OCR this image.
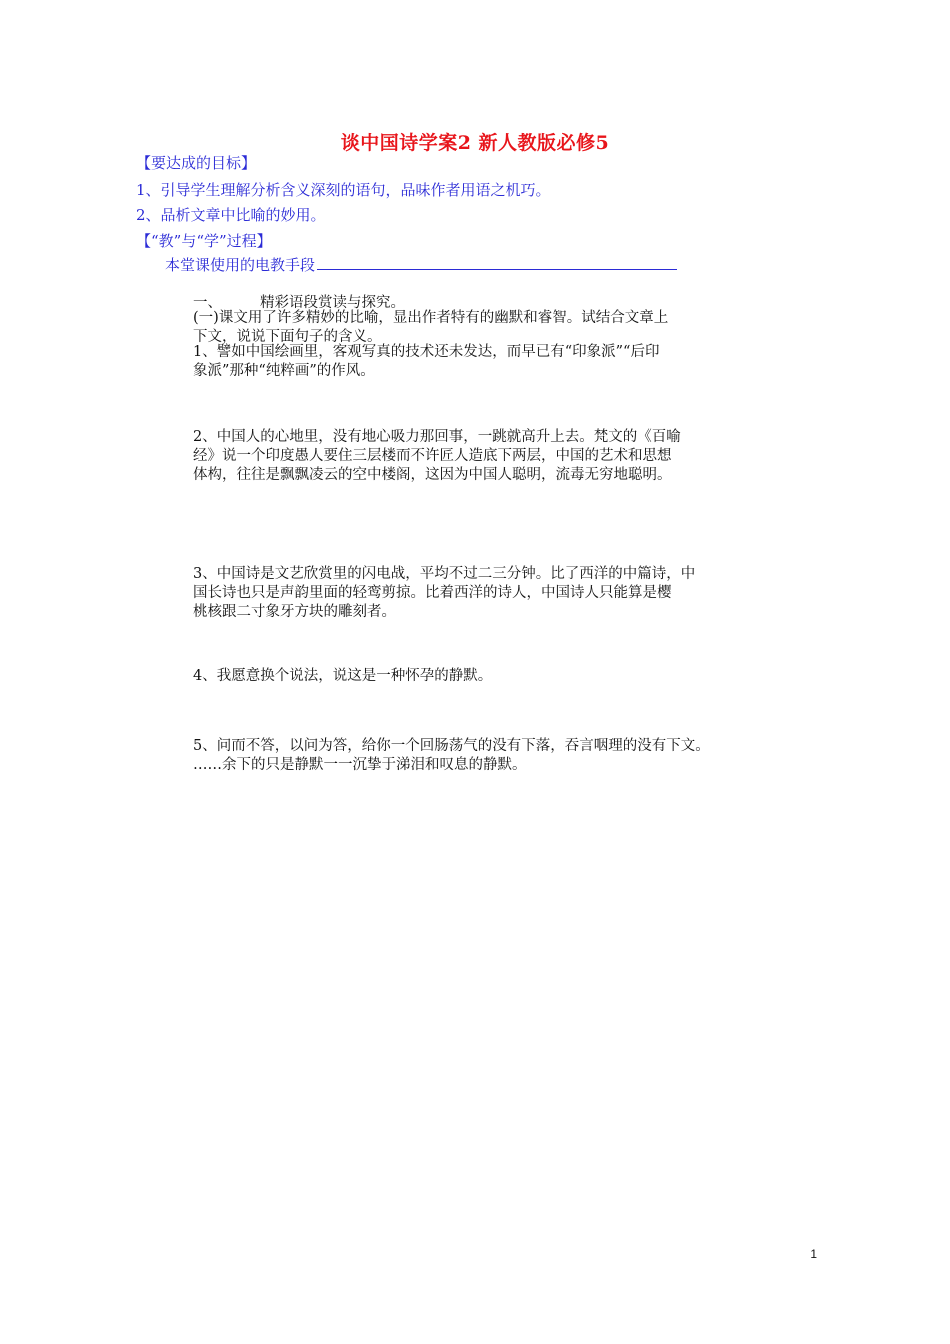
谈中国诗学案2 新人教版必修5
【要达成的目标】
1、引导学生理解分析含义深刻的语句，品味作者用语之机巧。
2、品析文章中比喻的妙用。
【“教”与“学”过程】
本堂课使用的电教手段
一、	精彩语段赏读与探究。

(一)课文用了许多精妙的比喻，显出作者特有的幽默和睿智。试结合文章上

下文，说说下面句子的含义。

1、譬如中国绘画里，客观写真的技术还未发达，而早已有“印象派”“后印

象派”那种“纯粹画”的作风。

2、中国人的心地里，没有地心吸力那回事，一跳就高升上去。梵文的《百喻

经》说一个印度愚人要住三层楼而不许匠人造底下两层，中国的艺术和思想

体构，往往是飘飘凌云的空中楼阁，这因为中国人聪明，流毒无穷地聪明。

3、中国诗是文艺欣赏里的闪电战，平均不过二三分钟。比了西洋的中篇诗，中

国长诗也只是声韵里面的轻鸾剪掠。比着西洋的诗人，中国诗人只能算是樱

桃核跟二寸象牙方块的雕刻者。

4、我愿意换个说法，说这是一种怀孕的静默。

5、问而不答，以问为答，给你一个回肠荡气的没有下落，吞言咽理的没有下文。

……余下的只是静默一一沉挚于涕泪和叹息的静默。

1
